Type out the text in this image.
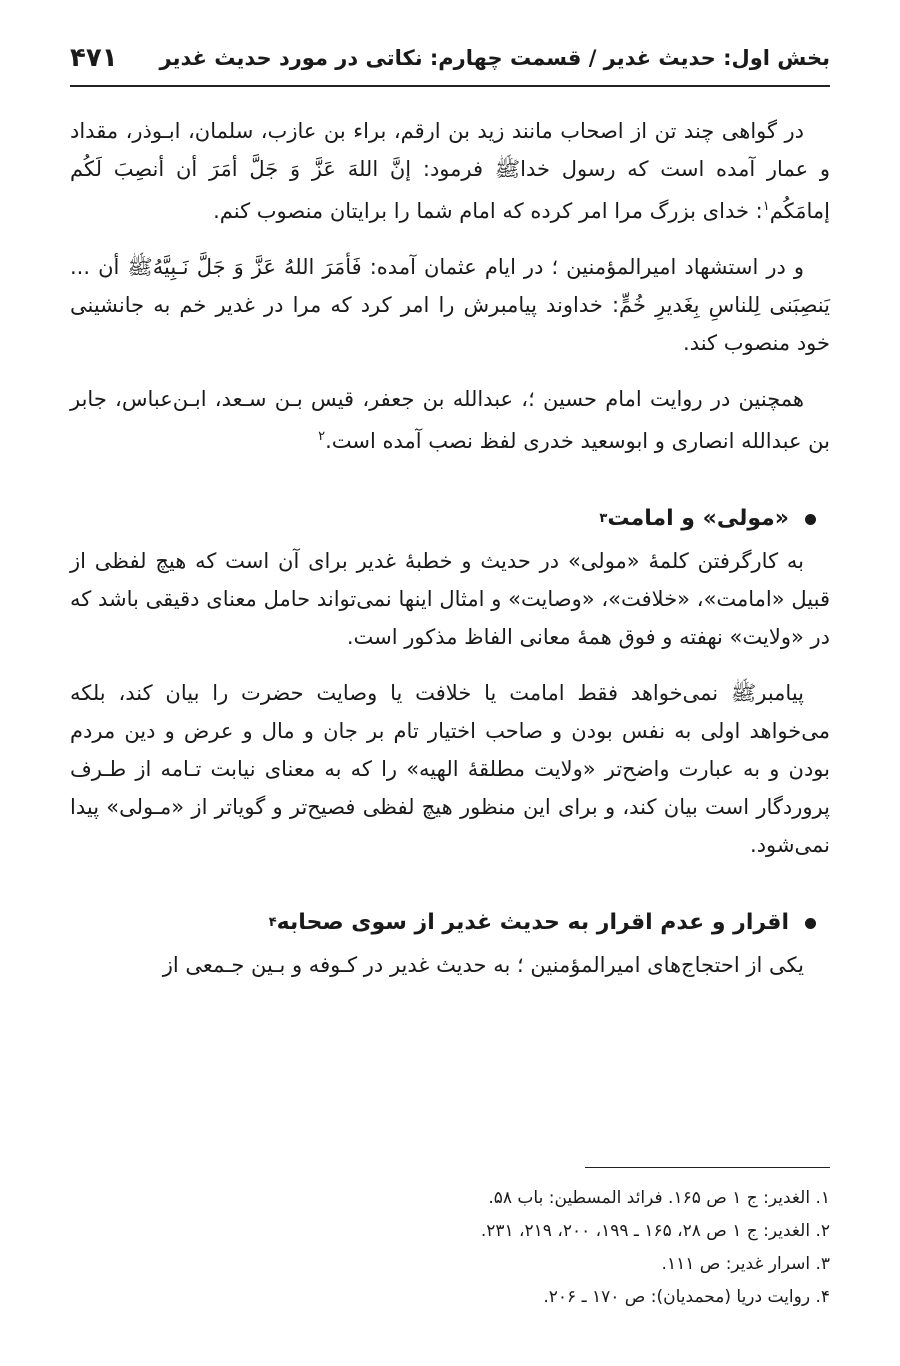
بخش اول: حدیث غدیر / قسمت چهارم: نکاتی در مورد حدیث غدیر
۴۷۱

در گواهی چند تن از اصحاب مانند زید بن ارقم، براء بن عازب، سلمان، ابـوذر، مقداد و عمار آمده است که رسول خداﷺ فرمود: إنَّ اللهَ عَزَّ وَ جَلَّ أمَرَ أن أنصِبَ لَکُم إمامَکُم$^۱$: خدای بزرگ مرا امر کرده که امام شما را برایتان منصوب کنم.

و در استشهاد امیرالمؤمنین ؛ در ایام عثمان آمده: فَأمَرَ اللهُ عَزَّ وَ جَلَّ نَـبِیَّهُﷺ أن ... یَنصِبَنی لِلناسِ بِغَدیرِ خُمٍّ: خداوند پیامبرش را امر کرد که مرا در غدیر خم به جانشینی خود منصوب کند.

همچنین در روایت امام حسین ؛، عبدالله بن جعفر، قیس بـن سـعد، ابـن‌عباس، جابر بن عبدالله انصاری و ابوسعید خدری لفظ نصب آمده است.$^۲$

«مولی» و امامت
۳

به کارگرفتن کلمهٔ «مولی» در حدیث و خطبهٔ غدیر برای آن است که هیچ لفظی از قبیل «امامت»، «خلافت»، «وصایت» و امثال اینها نمی‌تواند حامل معنای دقیقی باشد که در «ولایت» نهفته و فوق همهٔ معانی الفاظ مذکور است.

پیامبرﷺ نمی‌خواهد فقط امامت یا خلافت یا وصایت حضرت را بیان کند، بلکه می‌خواهد اولی به نفس بودن و صاحب اختیار تام بر جان و مال و عرض و دین مردم بودن و به عبارت واضح‌تر «ولایت مطلقهٔ الهیه» را که به معنای نیابت تـامه از طـرف پروردگار است بیان کند، و برای این منظور هیچ لفظی فصیح‌تر و گویاتر از «مـولی» پیدا نمی‌شود.

اقرار و عدم اقرار به حدیث غدیر از سوی صحابه
۴

یکی از احتجاج‌های امیرالمؤمنین ؛ به حدیث غدیر در کـوفه و بـین جـمعی از

۱. الغدیر: ج ۱ ص ۱۶۵. فرائد المسطین: باب ۵۸.

۲. الغدیر: ج ۱ ص ۲۸، ۱۶۵ ـ ۱۹۹، ۲۰۰، ۲۱۹، ۲۳۱.

۳. اسرار غدیر: ص ۱۱۱.

۴. روایت دریا (محمدیان): ص ۱۷۰ ـ ۲۰۶.
